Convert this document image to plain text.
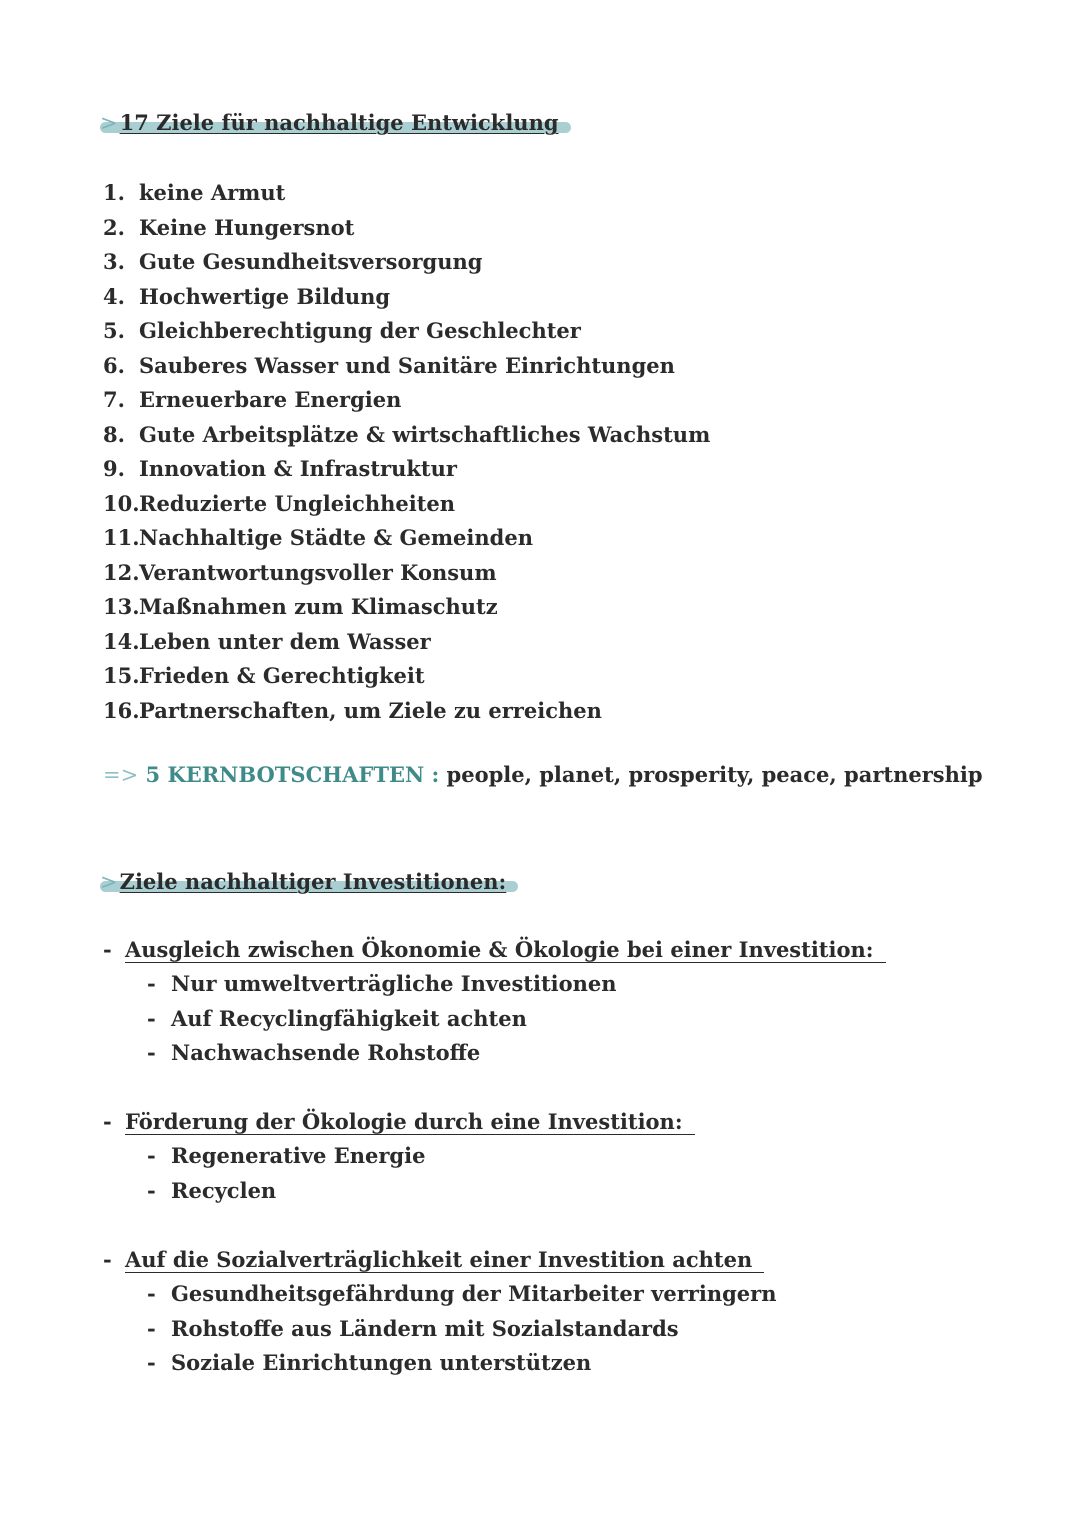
>17 Ziele für nachhaltige Entwicklung
1. keine Armut
2. Keine Hungersnot
3. Gute Gesundheitsversorgung
4. Hochwertige Bildung
5. Gleichberechtigung der Geschlechter
6. Sauberes Wasser und Sanitäre Einrichtungen
7. Erneuerbare Energien
8. Gute Arbeitsplätze & wirtschaftliches Wachstum
9. Innovation & Infrastruktur
10.Reduzierte Ungleichheiten
11.Nachhaltige Städte & Gemeinden
12.Verantwortungsvoller Konsum
13.Maßnahmen zum Klimaschutz
14.Leben unter dem Wasser
15.Frieden & Gerechtigkeit
16.Partnerschaften, um Ziele zu erreichen
=> 5 KERNBOTSCHAFTEN : people, planet, prosperity, peace, partnership
>Ziele nachhaltiger Investitionen:
- Ausgleich zwischen Ökonomie & Ökologie bei einer Investition:
- Nur umweltverträgliche Investitionen
- Auf Recyclingfähigkeit achten
- Nachwachsende Rohstoffe
- Förderung der Ökologie durch eine Investition:
- Regenerative Energie
- Recyclen
- Auf die Sozialverträglichkeit einer Investition achten
- Gesundheitsgefährdung der Mitarbeiter verringern
- Rohstoffe aus Ländern mit Sozialstandards
- Soziale Einrichtungen unterstützen
